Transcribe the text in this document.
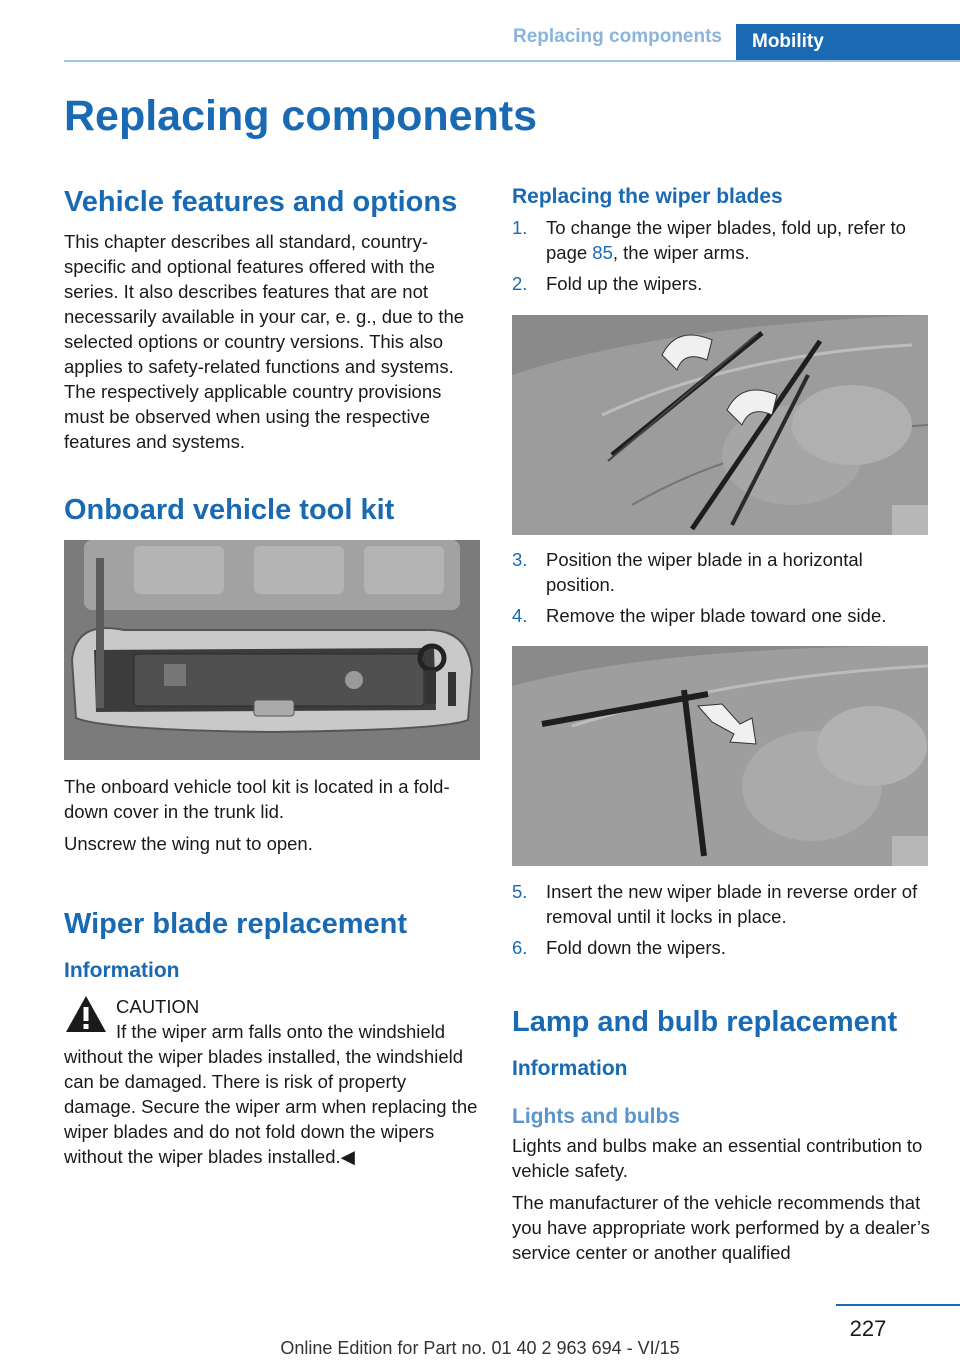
Replacing components	Mobility
Replacing components
Vehicle features and options

This chapter describes all standard, country-specific and optional features offered with the series. It also describes features that are not necessarily available in your car, e. g., due to the selected options or country versions. This also applies to safety-related functions and systems. The respectively applicable country provisions must be observed when using the respective features and systems.

Onboard vehicle tool kit

The onboard vehicle tool kit is located in a fold-down cover in the trunk lid.

Unscrew the wing nut to open.

Wiper blade replacement
Information

CAUTION

If the wiper arm falls onto the windshield without the wiper blades installed, the windshield can be damaged. There is risk of property damage. Secure the wiper arm when replacing the wiper blades and do not fold down the wipers without the wiper blades installed.◀

Replacing the wiper blades
1. To change the wiper blades, fold up, refer to page 85, the wiper arms.
2. Fold up the wipers.
3. Position the wiper blade in a horizontal position.
4. Remove the wiper blade toward one side.
5. Insert the new wiper blade in reverse order of removal until it locks in place.
6. Fold down the wipers.
Lamp and bulb replacement
Information
Lights and bulbs

Lights and bulbs make an essential contribution to vehicle safety.

The manufacturer of the vehicle recommends that you have appropriate work performed by a dealer’s service center or another qualified

227
Online Edition for Part no. 01 40 2 963 694 - VI/15
